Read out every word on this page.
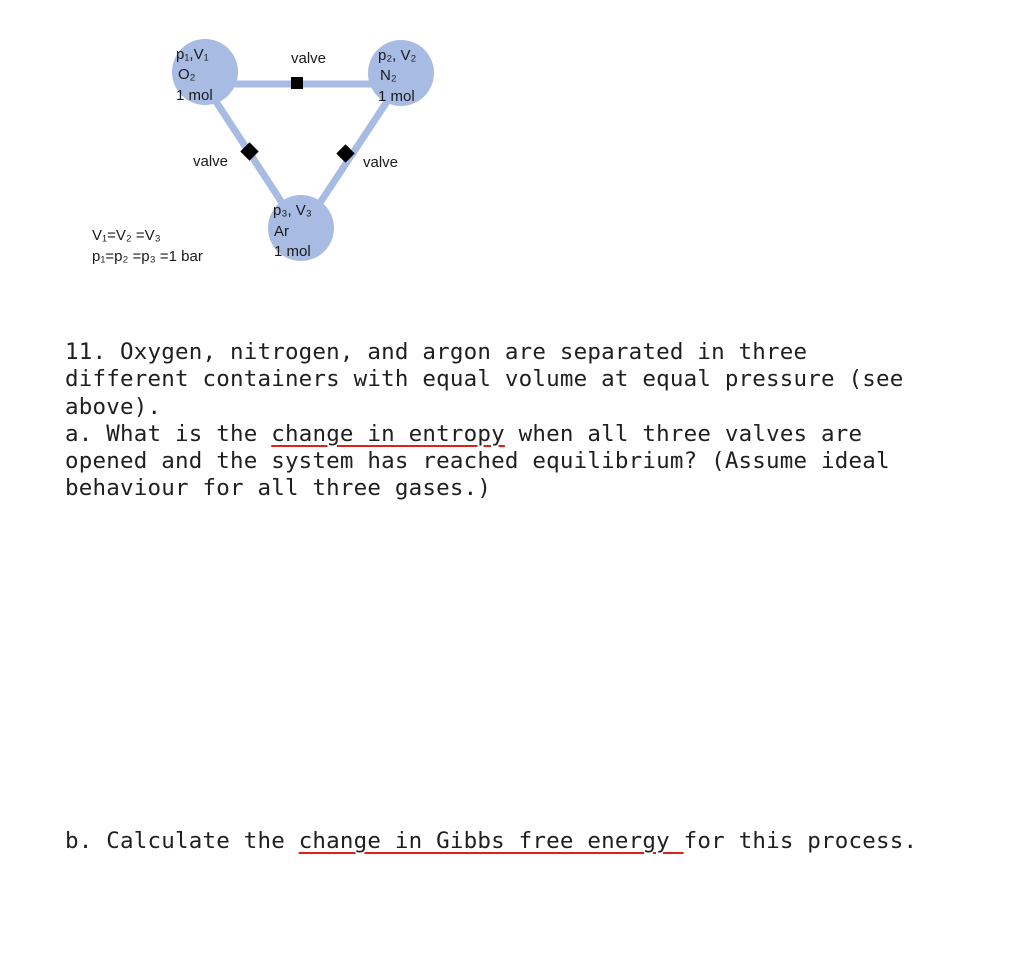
p₁,V₁
O₂
1 mol
p₂, V₂
N₂
1 mol
p₃, V₃
Ar
1 mol
valve
valve	valve
V₁=V₂ =V₃
p₁=p₂ =p₃ =1 bar
11. Oxygen, nitrogen, and argon are separated in three
different containers with equal volume at equal pressure (see
above).
a. What is the change in entropy when all three valves are
opened and the system has reached equilibrium? (Assume ideal
behaviour for all three gases.)
b. Calculate the change in Gibbs free energy for this process.
